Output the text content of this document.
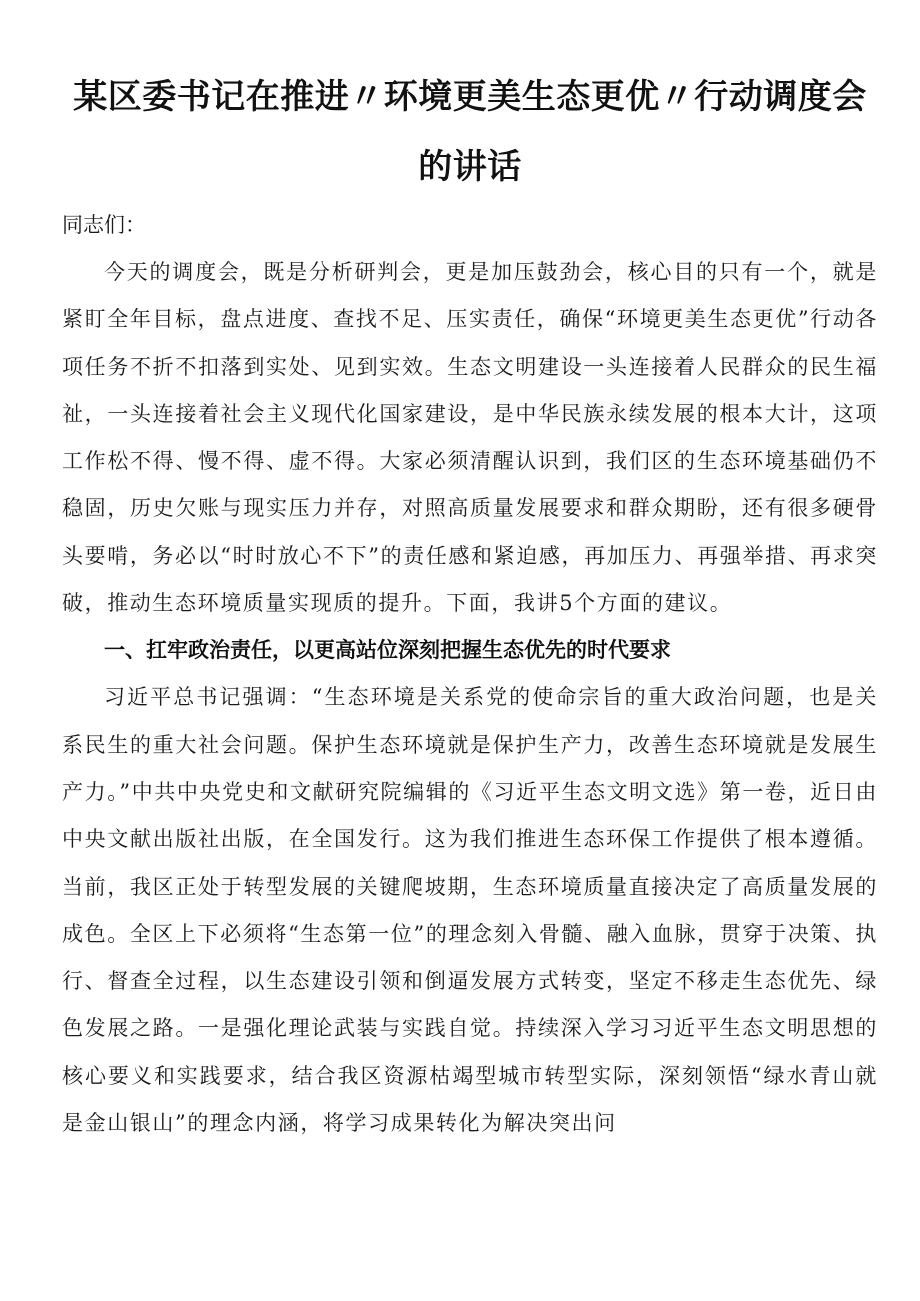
某区委书记在推进〃环境更美生态更优〃行动调度会的讲话

同志们：

今天的调度会，既是分析研判会，更是加压鼓劲会，核心目的只有一个，就是紧盯全年目标，盘点进度、查找不足、压实责任，确保“环境更美生态更优”行动各项任务不折不扣落到实处、见到实效。生态文明建设一头连接着人民群众的民生福祉，一头连接着社会主义现代化国家建设，是中华民族永续发展的根本大计，这项工作松不得、慢不得、虚不得。大家必须清醒认识到，我们区的生态环境基础仍不稳固，历史欠账与现实压力并存，对照高质量发展要求和群众期盼，还有很多硬骨头要啃，务必以“时时放心不下”的责任感和紧迫感，再加压力、再强举措、再求突破，推动生态环境质量实现质的提升。下面，我讲5个方面的建议。

一、扛牢政治责任，以更高站位深刻把握生态优先的时代要求

习近平总书记强调：“生态环境是关系党的使命宗旨的重大政治问题，也是关系民生的重大社会问题。保护生态环境就是保护生产力，改善生态环境就是发展生产力。”中共中央党史和文献研究院编辑的《习近平生态文明文选》第一卷，近日由中央文献出版社出版，在全国发行。这为我们推进生态环保工作提供了根本遵循。当前，我区正处于转型发展的关键爬坡期，生态环境质量直接决定了高质量发展的成色。全区上下必须将“生态第一位”的理念刻入骨髓、融入血脉，贯穿于决策、执行、督查全过程，以生态建设引领和倒逼发展方式转变，坚定不移走生态优先、绿色发展之路。一是强化理论武装与实践自觉。持续深入学习习近平生态文明思想的核心要义和实践要求，结合我区资源枯竭型城市转型实际，深刻领悟“绿水青山就是金山银山”的理念内涵，将学习成果转化为解决突出问
